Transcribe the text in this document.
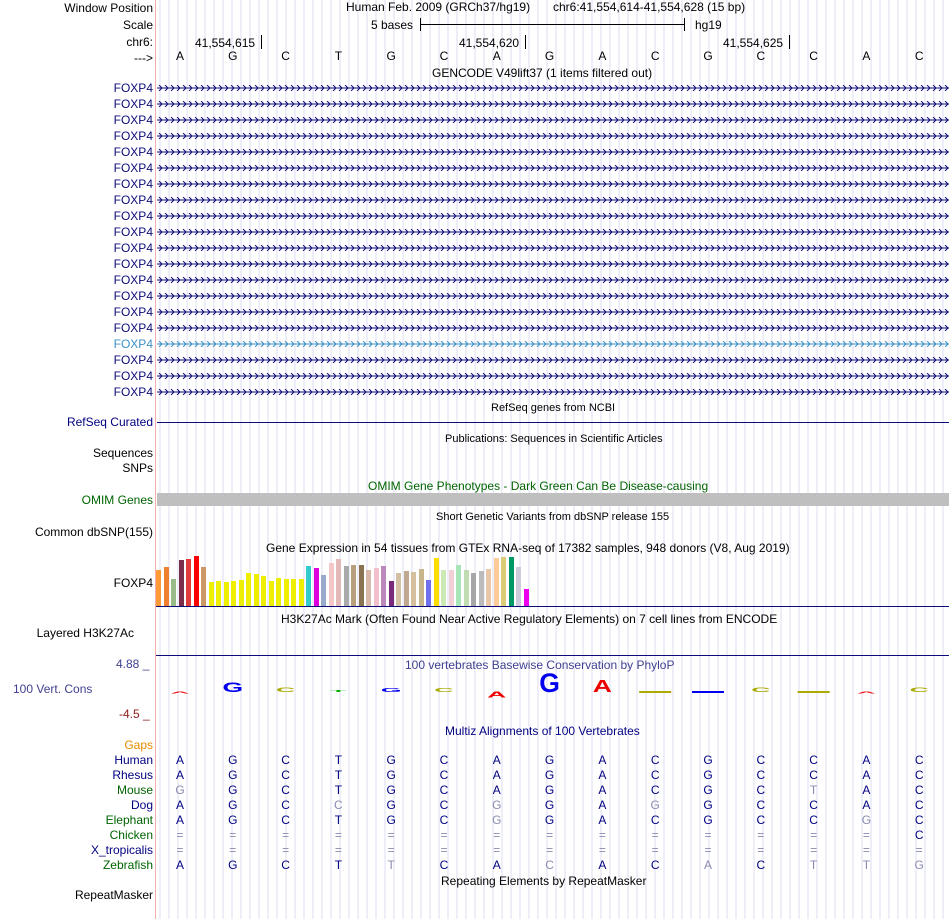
Window Position
Scale
chr6:
--->
Human Feb. 2009 (GRCh37/hg19) chr6:41,554,614-41,554,628 (15 bp)
5 bases	hg19
41,554,615	41,554,620	41,554,625
A	G	C	T	G	C	A	G	A	C	G	C	C	A	C
GENCODE V49lift37 (1 items filtered out)
FOXP4
FOXP4
FOXP4
FOXP4
FOXP4
FOXP4
FOXP4
FOXP4
FOXP4
FOXP4
FOXP4
FOXP4
FOXP4
FOXP4
FOXP4
FOXP4
FOXP4
FOXP4
FOXP4
FOXP4
RefSeq genes from NCBI
RefSeq Curated
Publications: Sequences in Scientific Articles
Sequences
SNPs
OMIM Gene Phenotypes - Dark Green Can Be Disease-causing
OMIM Genes
Short Genetic Variants from dbSNP release 155
Common dbSNP(155)
Gene Expression in 54 tissues from GTEx RNA-seq of 17382 samples, 948 donors (V8, Aug 2019)
FOXP4
H3K27Ac Mark (Often Found Near Active Regulatory Elements) on 7 cell lines from ENCODE
Layered H3K27Ac
100 vertebrates Basewise Conservation by PhyloP
4.88 _
100 Vert. Cons
-4.5 _
A G C	T G C
A G A	C	A C
Multiz Alignments of 100 Vertebrates
Gaps
Human	A	G	C	T	G	C	A	G	A	C	G	C	C	A	C
Rhesus	A	G	C	T	G	C	A	G	A	C	G	C	C	A	C
Mouse	G	G	C	T	G	C	A	G	A	C	G	C	T	A	C
Dog	A	G	C	C	G	C	G	G	A	G	G	C	C	A	C
Elephant	A	G	C	T	G	C	G	G	A	C	G	C	C	G	C
Chicken	=	=	=	=	=	=	=	=	=	=	=	=	=	=	C
X_tropicalis	=	=	=	=	=	=	=	=	=	=	=	=	=	=	=
Zebrafish	A	G	C	T	T	C	A	C	A	C	A	C	T	T	G
Repeating Elements by RepeatMasker
RepeatMasker
